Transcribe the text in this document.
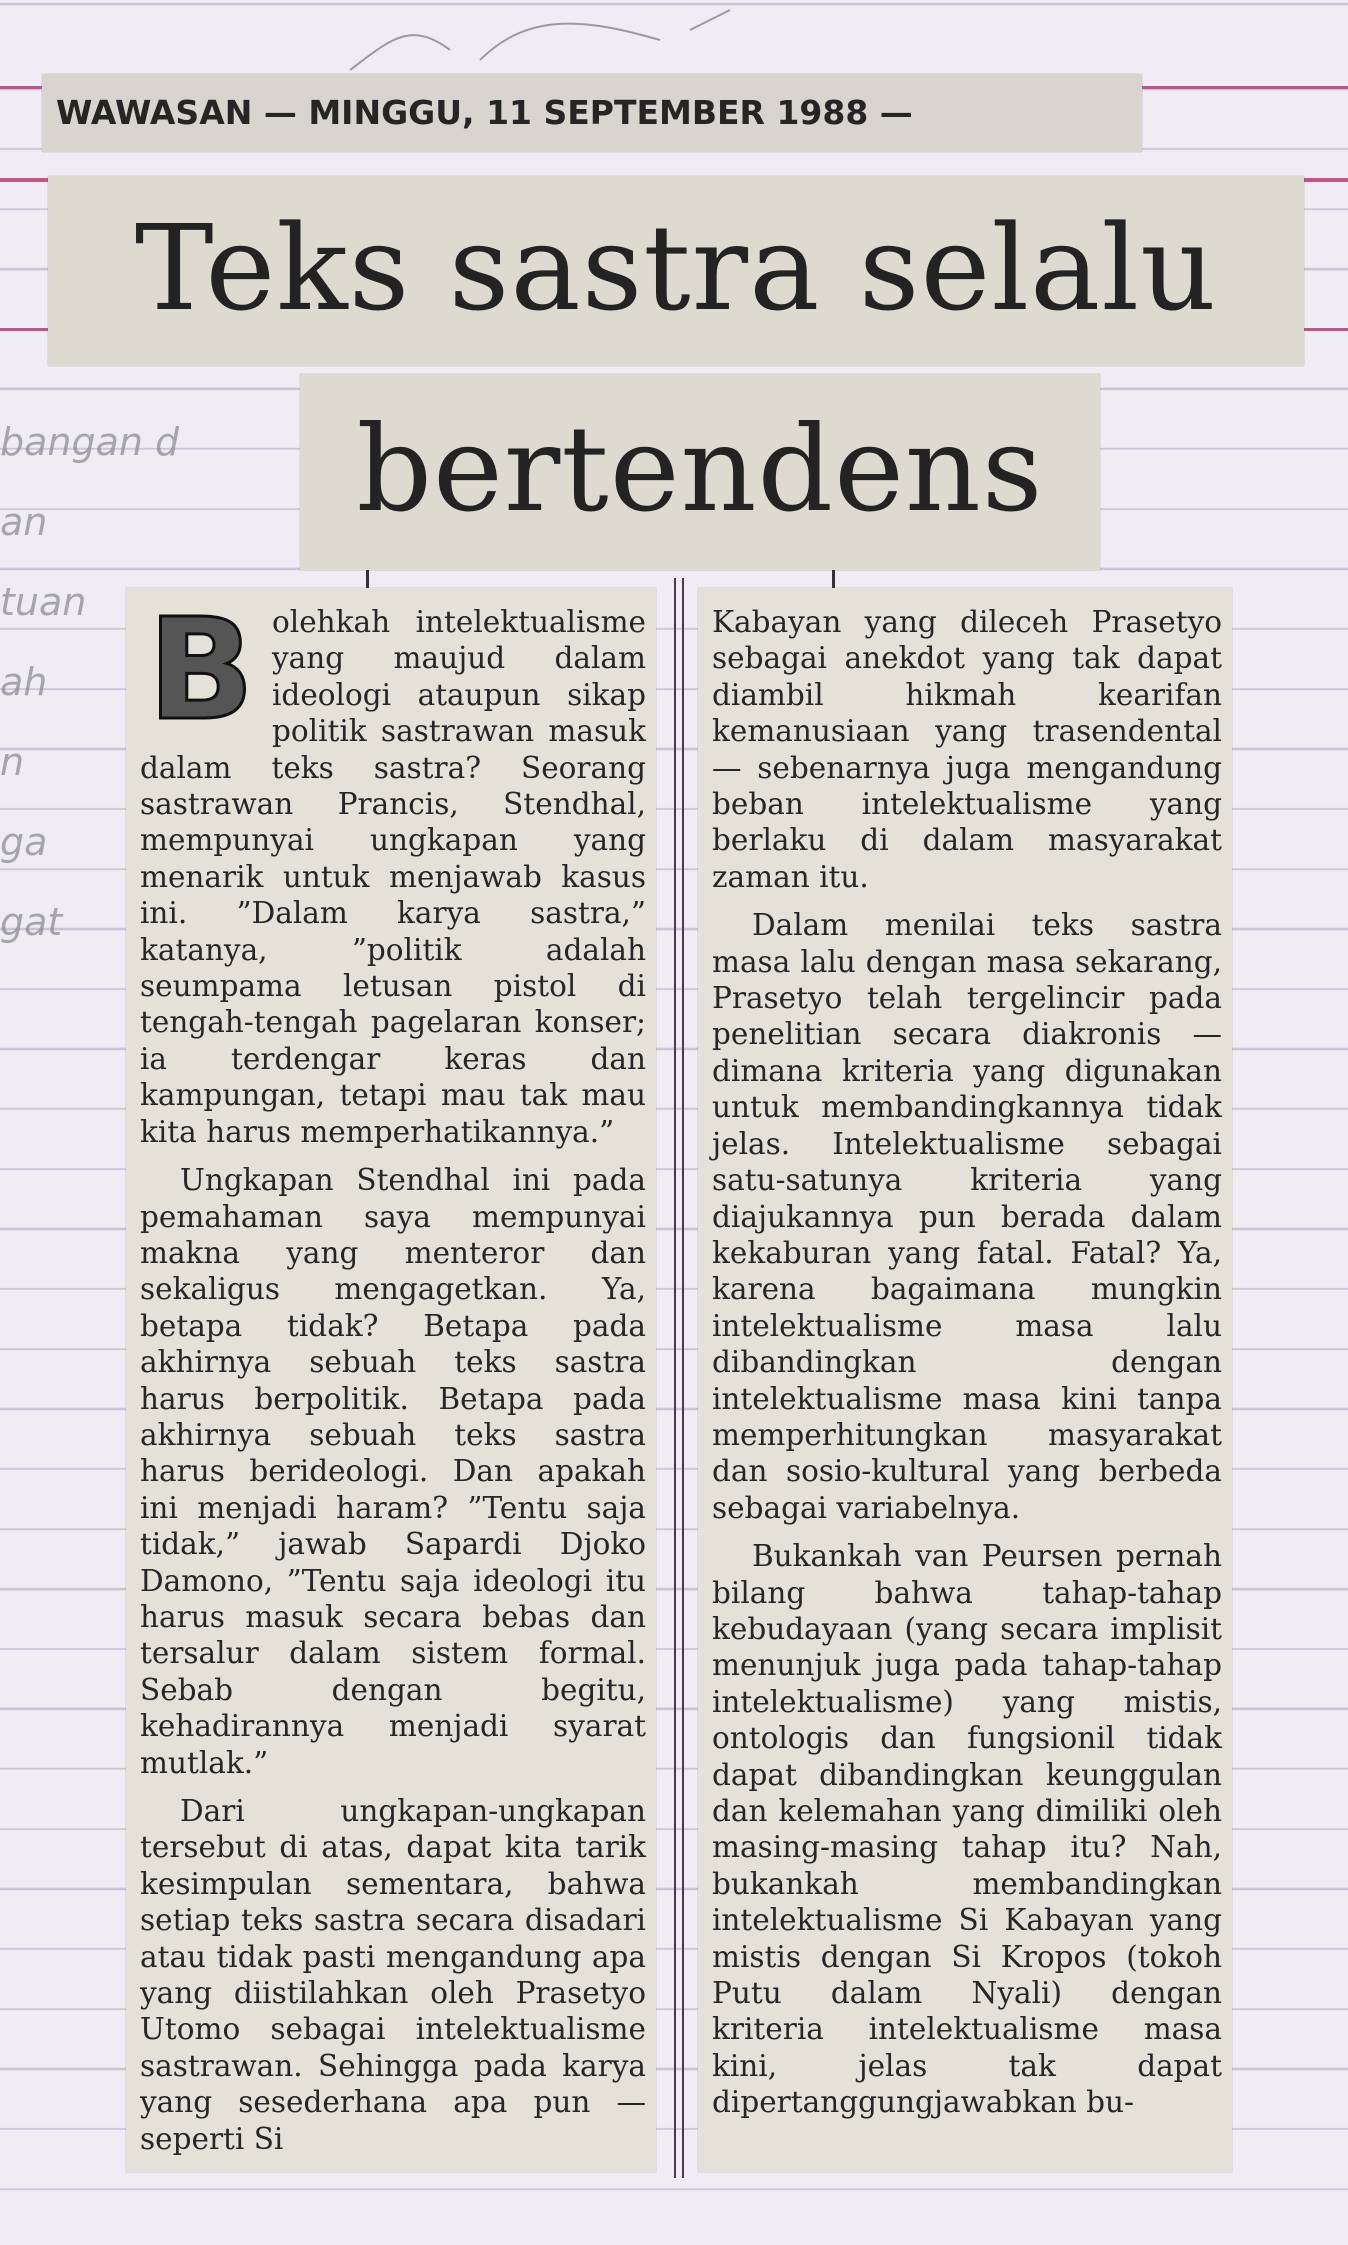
bangan d
an
tuan
ah
n
ga
gat
WAWASAN — MINGGU, 11 SEPTEMBER 1988 —
Teks sastra selalu
bertendens

Bolehkah intelektualisme yang maujud dalam ideologi ataupun sikap politik sastrawan masuk dalam teks sastra? Seorang sastrawan Prancis, Stendhal, mempunyai ungkapan yang menarik untuk menjawab kasus ini. ”Dalam karya sastra,” katanya, ”politik adalah seumpama letusan pistol di tengah-tengah pagelaran konser; ia terdengar keras dan kampungan, tetapi mau tak mau kita harus memperhatikannya.”

Ungkapan Stendhal ini pada pemahaman saya mempunyai makna yang menteror dan sekaligus mengagetkan. Ya, betapa tidak? Betapa pada akhirnya sebuah teks sastra harus berpolitik. Betapa pada akhirnya sebuah teks sastra harus berideologi. Dan apakah ini menjadi haram? ”Tentu saja tidak,” jawab Sapardi Djoko Damono, ”Tentu saja ideologi itu harus masuk secara bebas dan tersalur dalam sistem formal. Sebab dengan begitu, kehadirannya menjadi syarat mutlak.”

Dari ungkapan-ungkapan tersebut di atas, dapat kita tarik kesimpulan sementara, bahwa setiap teks sastra secara disadari atau tidak pasti mengandung apa yang diistilahkan oleh Prasetyo Utomo sebagai intelektualisme sastrawan. Sehingga pada karya yang sesederhana apa pun — seperti Si

Kabayan yang dileceh Prasetyo sebagai anekdot yang tak dapat diambil hikmah kearifan kemanusiaan yang trasendental — sebenarnya juga mengandung beban intelektualisme yang berlaku di dalam masyarakat zaman itu.

Dalam menilai teks sastra masa lalu dengan masa sekarang, Prasetyo telah tergelincir pada penelitian secara diakronis — dimana kriteria yang digunakan untuk membandingkannya tidak jelas. Intelektualisme sebagai satu-satunya kriteria yang diajukannya pun berada dalam kekaburan yang fatal. Fatal? Ya, karena bagaimana mungkin intelektualisme masa lalu dibandingkan dengan intelektualisme masa kini tanpa memperhitungkan masyarakat dan sosio-kultural yang berbeda sebagai variabelnya.

Bukankah van Peursen pernah bilang bahwa tahap-tahap kebudayaan (yang secara implisit menunjuk juga pada tahap-tahap intelektualisme) yang mistis, ontologis dan fungsionil tidak dapat dibandingkan keunggulan dan kelemahan yang dimiliki oleh masing-masing tahap itu? Nah, bukankah membandingkan intelektualisme Si Kabayan yang mistis dengan Si Kropos (tokoh Putu dalam Nyali) dengan kriteria intelektualisme masa kini, jelas tak dapat dipertanggungjawabkan bu-
